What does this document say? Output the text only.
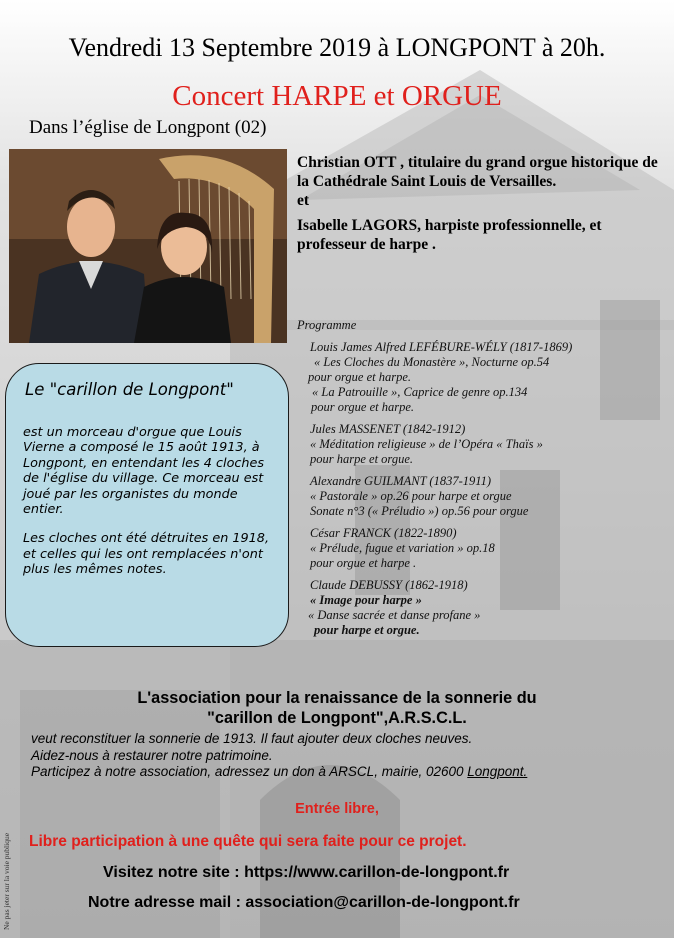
Vendredi 13 Septembre 2019 à LONGPONT à 20h.
Concert HARPE et ORGUE
Dans l’église de Longpont (02)

Christian OTT , titulaire du grand orgue historique de la Cathédrale Saint Louis de Versailles.

et

Isabelle LAGORS, harpiste professionnelle, et professeur de harpe .

Programme
Louis James Alfred LEFÉBURE-WÉLY (1817-1869)
« Les Cloches du Monastère », Nocturne op.54
pour orgue et harpe.
« La Patrouille », Caprice de genre op.134
pour orgue et harpe.
Jules MASSENET (1842-1912)
« Méditation religieuse » de l’Opéra « Thaïs »
pour harpe et orgue.
Alexandre GUILMANT (1837-1911)
« Pastorale » op.26 pour harpe et orgue
Sonate n°3 (« Préludio ») op.56 pour orgue
César FRANCK (1822-1890)
« Prélude, fugue et variation » op.18
pour orgue et harpe .
Claude DEBUSSY (1862-1918)
« Image pour harpe »
« Danse sacrée et danse profane »
pour harpe et orgue.
Le "carillon de Longpont"

est un morceau d'orgue que Louis Vierne a composé le 15 août 1913, à Longpont, en entendant les 4 cloches de l'église du village. Ce morceau est joué par les organistes du monde entier.

Les cloches ont été détruites en 1918, et celles qui les ont remplacées n'ont plus les mêmes notes.

L'association pour la renaissance de la sonnerie du

"carillon de Longpont",A.R.S.C.L.

veut reconstituer la sonnerie de 1913. Il faut ajouter deux cloches neuves.

Aidez-nous à restaurer notre patrimoine.

Participez à notre association, adressez un don à ARSCL, mairie, 02600 Longpont.

Entrée libre,
Libre participation à une quête qui sera faite pour ce projet.
Visitez notre site : https://www.carillon-de-longpont.fr
Notre adresse mail : association@carillon-de-longpont.fr
Ne pas jeter sur la voie publique
